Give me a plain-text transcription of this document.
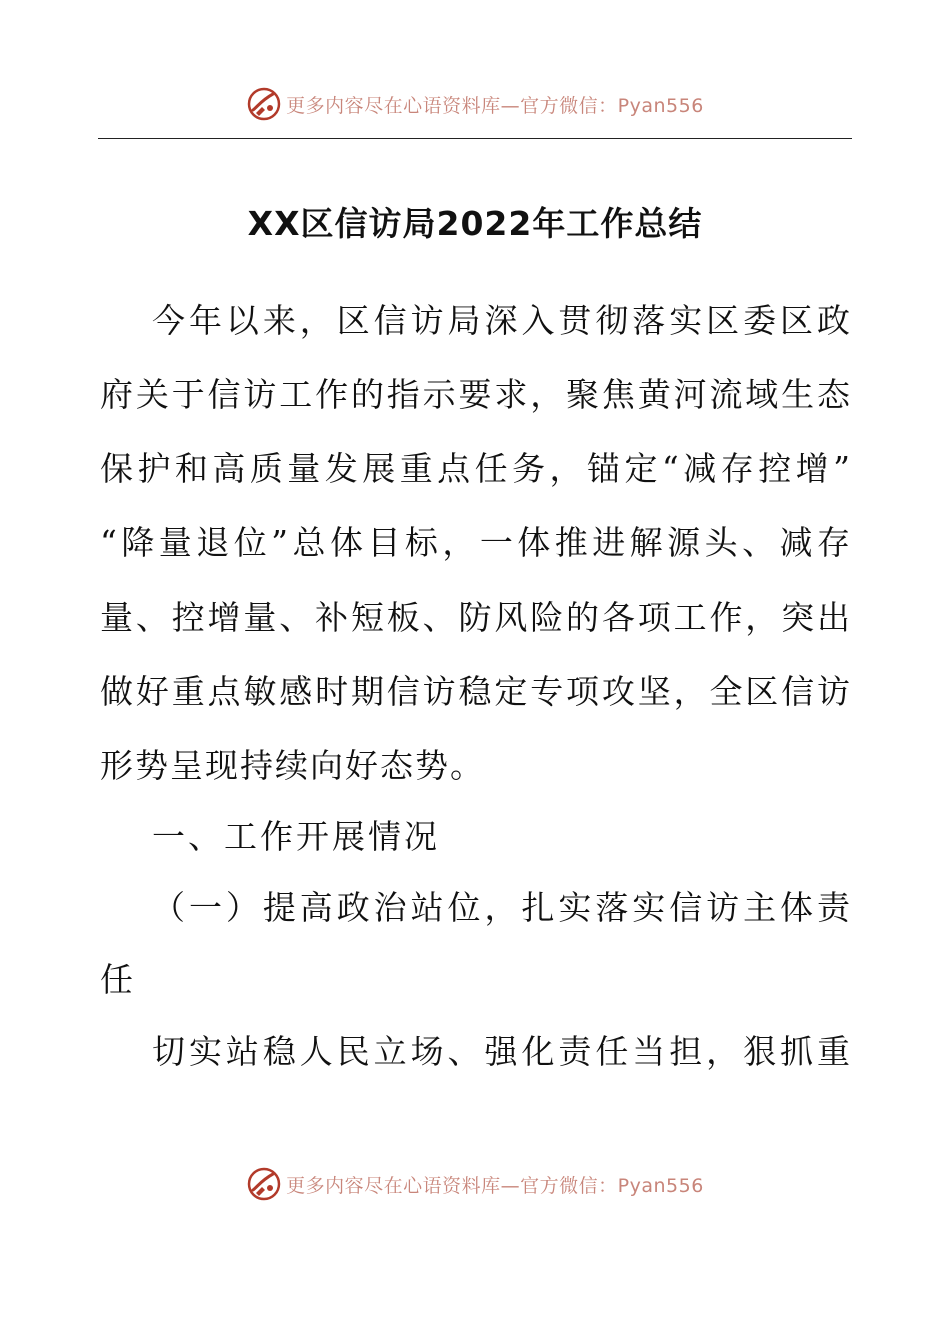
更多内容尽在心语资料库—官方微信：Pyan556
XX区信访局2022年工作总结
今年以来，区信访局深入贯彻落实区委区政
府关于信访工作的指示要求，聚焦黄河流域生态
保护和高质量发展重点任务，锚定“减存控增”
“降量退位”总体目标，一体推进解源头、减存
量、控增量、补短板、防风险的各项工作，突出
做好重点敏感时期信访稳定专项攻坚，全区信访
形势呈现持续向好态势。
一、工作开展情况
（一）提高政治站位，扎实落实信访主体责
任
切实站稳人民立场、强化责任当担，狠抓重
更多内容尽在心语资料库—官方微信：Pyan556
